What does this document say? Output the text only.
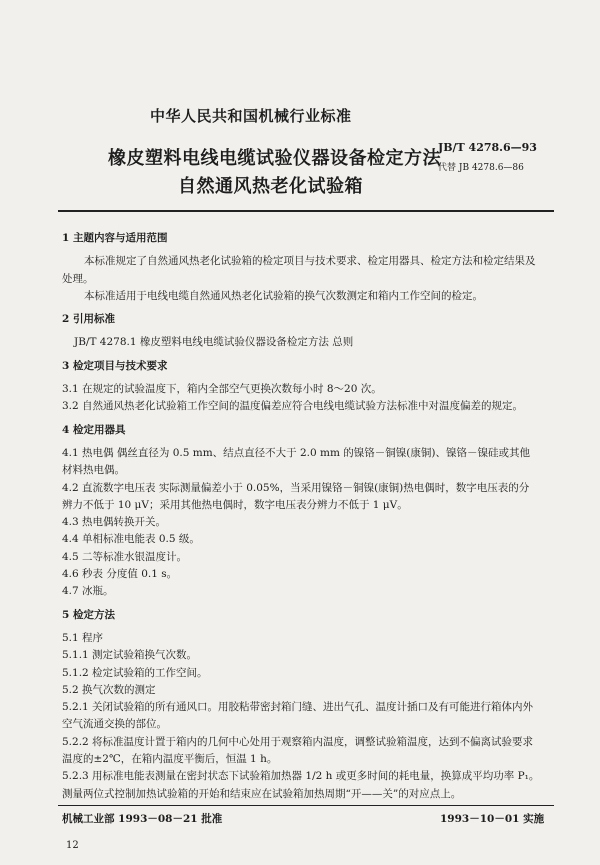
中华人民共和国机械行业标准
橡皮塑料电线电缆试验仪器设备检定方法
自然通风热老化试验箱
JB/T 4278.6—93
代替 JB 4278.6—86
1 主题内容与适用范围
本标准规定了自然通风热老化试验箱的检定项目与技术要求、检定用器具、检定方法和检定结果及
处理。
本标准适用于电线电缆自然通风热老化试验箱的换气次数测定和箱内工作空间的检定。
2 引用标准
JB/T 4278.1 橡皮塑料电线电缆试验仪器设备检定方法 总则
3 检定项目与技术要求
3.1 在规定的试验温度下，箱内全部空气更换次数每小时 8～20 次。
3.2 自然通风热老化试验箱工作空间的温度偏差应符合电线电缆试验方法标准中对温度偏差的规定。
4 检定用器具
4.1 热电偶 偶丝直径为 0.5 mm、结点直径不大于 2.0 mm 的镍铬－铜镍(康铜)、镍铬－镍硅或其他
材料热电偶。
4.2 直流数字电压表 实际测量偏差小于 0.05%，当采用镍铬－铜镍(康铜)热电偶时，数字电压表的分
辨力不低于 10 μV；采用其他热电偶时，数字电压表分辨力不低于 1 μV。
4.3 热电偶转换开关。
4.4 单相标准电能表 0.5 级。
4.5 二等标准水银温度计。
4.6 秒表 分度值 0.1 s。
4.7 冰瓶。
5 检定方法
5.1 程序
5.1.1 测定试验箱换气次数。
5.1.2 检定试验箱的工作空间。
5.2 换气次数的测定
5.2.1 关闭试验箱的所有通风口。用胶粘带密封箱门缝、进出气孔、温度计插口及有可能进行箱体内外
空气流通交换的部位。
5.2.2 将标准温度计置于箱内的几何中心处用于观察箱内温度，调整试验箱温度，达到不偏离试验要求
温度的±2℃，在箱内温度平衡后，恒温 1 h。
5.2.3 用标准电能表测量在密封状态下试验箱加热器 1/2 h 或更多时间的耗电量，换算成平均功率 P₁。
测量两位式控制加热试验箱的开始和结束应在试验箱加热周期“开——关”的对应点上。
机械工业部 1993－08－21 批准	1993－10－01 实施
12
